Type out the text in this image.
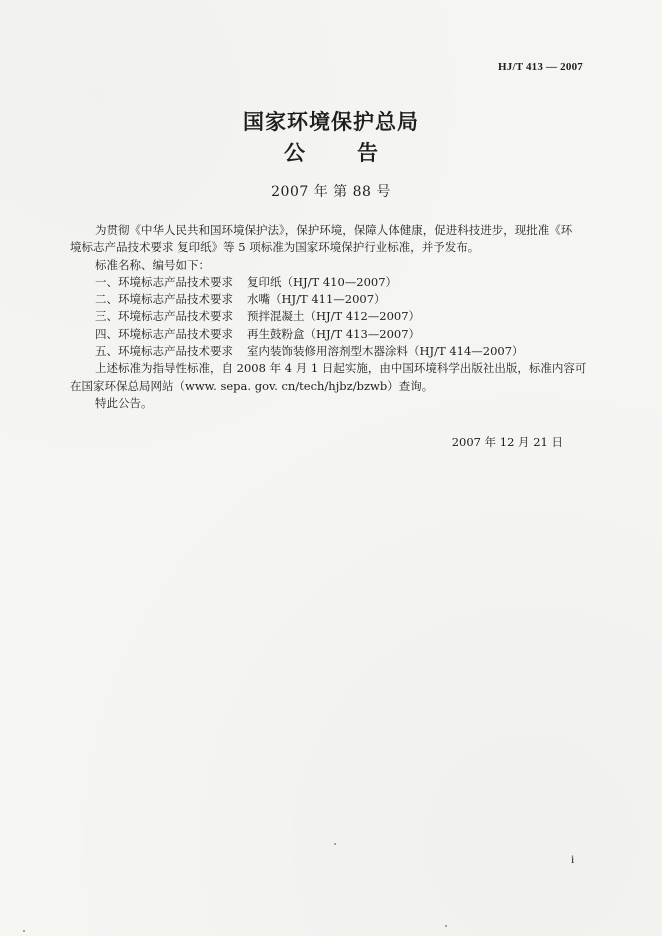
HJ/T 413 — 2007
国家环境保护总局
公告
2007 年 第 88 号

为贯彻《中华人民共和国环境保护法》，保护环境，保障人体健康，促进科技进步，现批准《环

境标志产品技术要求 复印纸》等 5 项标准为国家环境保护行业标准，并予发布。

标准名称、编号如下：

一、环境标志产品技术要求 复印纸（HJ/T 410—2007）

二、环境标志产品技术要求 水嘴（HJ/T 411—2007）

三、环境标志产品技术要求 预拌混凝土（HJ/T 412—2007）

四、环境标志产品技术要求 再生鼓粉盒（HJ/T 413—2007）

五、环境标志产品技术要求 室内装饰装修用溶剂型木器涂料（HJ/T 414—2007）

上述标准为指导性标准，自 2008 年 4 月 1 日起实施，由中国环境科学出版社出版，标准内容可

在国家环保总局网站（www. sepa. gov. cn/tech/hjbz/bzwb）查询。

特此公告。

2007 年 12 月 21 日
i
